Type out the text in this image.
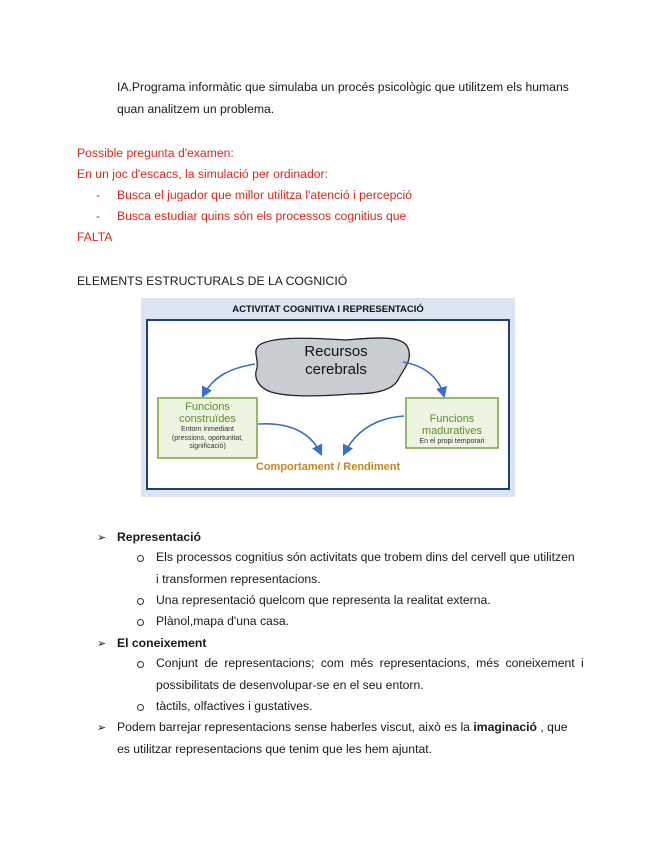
IA.Programa informàtic que simulaba un procés psicològic que utilitzem els humans
quan analitzem un problema.
Possible pregunta d'examen:
En un joc d'escacs, la simulació per ordinador:
- Busca el jugador que millor utilitza l'atenció i percepció
- Busca estudiar quins són els processos cognitius que
FALTA
ELEMENTS ESTRUCTURALS DE LA COGNICIÓ
ACTIVITAT COGNITIVA I REPRESENTACIÓ
Recursos
cerebrals
Funcions
construïdes
Entorn inmediant
(pressions, oportunitat,
significació)
Funcions
maduratives
En el propi temporari
Comportament / Rendiment
➢ Representació
Els processos cognitius són activitats que trobem dins del cervell que utilitzen
i transformen representacions.
Una representació quelcom que representa la realitat externa.
Plànol,mapa d'una casa.
➢ El coneixement
Conjunt de representacions; com més representacions, més coneixement i
possibilitats de desenvolupar-se en el seu entorn.
tàctils, olfactives i gustatives.
➢ Podem barrejar representacions sense haberles viscut, això es la imaginació , que
es utilitzar representacions que tenim que les hem ajuntat.
